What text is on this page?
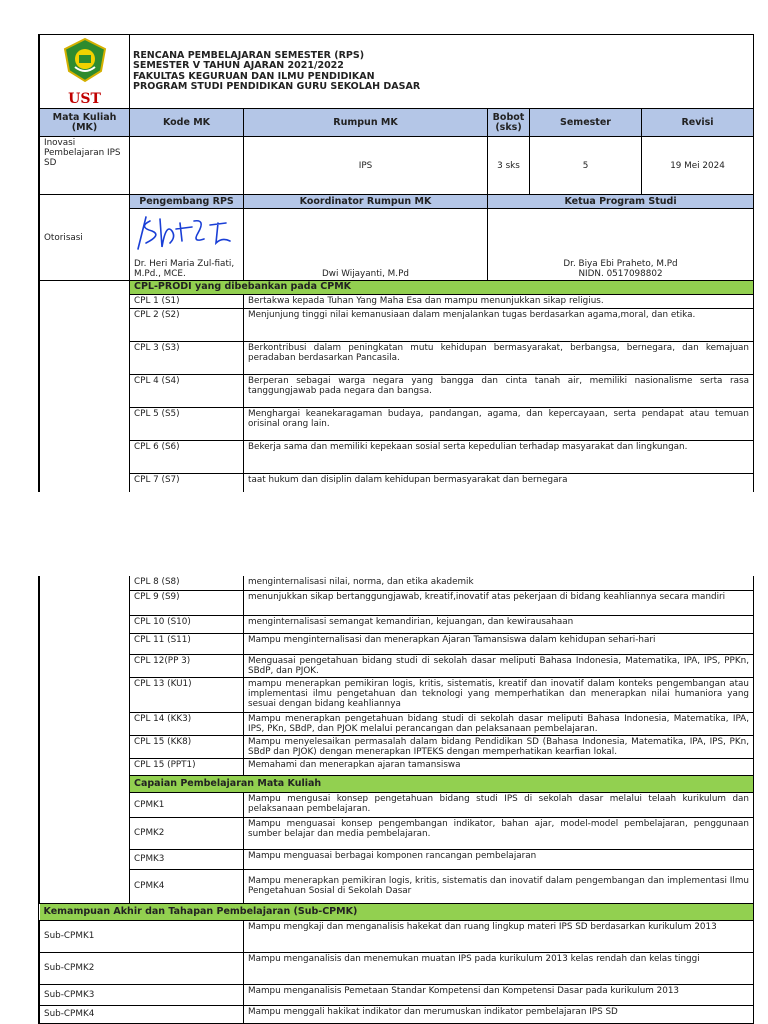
UST	RENCANA PEMBELAJARAN SEMESTER (RPS)
SEMESTER V TAHUN AJARAN 2021/2022
FAKULTAS KEGURUAN DAN ILMU PENDIDIKAN
PROGRAM STUDI PENDIDIKAN GURU SEKOLAH DASAR				

Mata Kuliah (MK)	Kode MK	Rumpun MK	Bobot (sks)	Semester	Revisi
Inovasi Pembelajaran IPS SD		IPS	3 sks	5	19 Mei 2024
Otorisasi	Pengembang RPS	Koordinator Rumpun MK	Ketua Program Studi		

	Dr. Heri Maria Zul-fiati, M.Pd., MCE.	Dwi Wijayanti, M.Pd	Dr. Biya Ebi Praheto, M.Pd
NIDN. 0517098802		
	CPL-PRODI yang dibebankan pada CPMK	
	CPL 1 (S1)	Bertakwa kepada Tuhan Yang Maha Esa dan mampu menunjukkan sikap religius.
	CPL 2 (S2)	Menjunjung tinggi nilai kemanusiaan dalam menjalankan tugas berdasarkan agama,moral, dan etika.
	CPL 3 (S3)	Berkontribusi dalam peningkatan mutu kehidupan bermasyarakat, berbangsa, bernegara, dan kemajuan peradaban berdasarkan Pancasila.
	CPL 4 (S4)	Berperan sebagai warga negara yang bangga dan cinta tanah air, memiliki nasionalisme serta rasa tanggungjawab pada negara dan bangsa.
	CPL 5 (S5)	Menghargai keanekaragaman budaya, pandangan, agama, dan kepercayaan, serta pendapat atau temuan orisinal orang lain.
	CPL 6 (S6)	Bekerja sama dan memiliki kepekaan sosial serta kepedulian terhadap masyarakat dan lingkungan.
	CPL 7 (S7)	taat hukum dan disiplin dalam kehidupan bermasyarakat dan bernegara
	CPL 8 (S8)	menginternalisasi nilai, norma, dan etika akademik
	CPL 9 (S9)	menunjukkan sikap bertanggungjawab, kreatif,inovatif atas pekerjaan di bidang keahliannya secara mandiri
	CPL 10 (S10)	menginternalisasi semangat kemandirian, kejuangan, dan kewirausahaan
	CPL 11 (S11)	Mampu menginternalisasi dan menerapkan Ajaran Tamansiswa dalam kehidupan sehari-hari
	CPL 12(PP 3)	Menguasai pengetahuan bidang studi di sekolah dasar meliputi Bahasa Indonesia, Matematika, IPA, IPS, PPKn, SBdP, dan PJOK.
	CPL 13 (KU1)	mampu menerapkan pemikiran logis, kritis, sistematis, kreatif dan inovatif dalam konteks pengembangan atau implementasi ilmu pengetahuan dan teknologi yang memperhatikan dan menerapkan nilai humaniora yang sesuai dengan bidang keahliannya
	CPL 14 (KK3)	Mampu menerapkan pengetahuan bidang studi di sekolah dasar meliputi Bahasa Indonesia, Matematika, IPA, IPS, PKn, SBdP, dan PJOK melalui perancangan dan pelaksanaan pembelajaran.
	CPL 15 (KK8)	Mampu menyelesaikan permasalah dalam bidang Pendidikan SD (Bahasa Indonesia, Matematika, IPA, IPS, PKn, SBdP dan PJOK) dengan menerapkan IPTEKS dengan memperhatikan kearfian lokal.
	CPL 15 (PPT1)	Memahami dan menerapkan ajaran tamansiswa
	Capaian Pembelajaran Mata Kuliah	
	CPMK1	Mampu mengusai konsep pengetahuan bidang studi IPS di sekolah dasar melalui telaah kurikulum dan pelaksanaan pembelajaran.
	CPMK2	Mampu menguasai konsep pengembangan indikator, bahan ajar, model-model pembelajaran, penggunaan sumber belajar dan media pembelajaran.
	CPMK3	Mampu menguasai berbagai komponen rancangan pembelajaran
	CPMK4	Mampu menerapkan pemikiran logis, kritis, sistematis dan inovatif dalam pengembangan dan implementasi Ilmu Pengetahuan Sosial di Sekolah Dasar
Kemampuan Akhir dan Tahapan Pembelajaran (Sub-CPMK)		
Sub-CPMK1		Mampu mengkaji dan menganalisis hakekat dan ruang lingkup materi IPS SD berdasarkan kurikulum 2013
Sub-CPMK2		Mampu menganalisis dan menemukan muatan IPS pada kurikulum 2013 kelas rendah dan kelas tinggi
Sub-CPMK3		Mampu menganalisis Pemetaan Standar Kompetensi dan Kompetensi Dasar pada kurikulum 2013
Sub-CPMK4		Mampu menggali hakikat indikator dan merumuskan indikator pembelajaran IPS SD
